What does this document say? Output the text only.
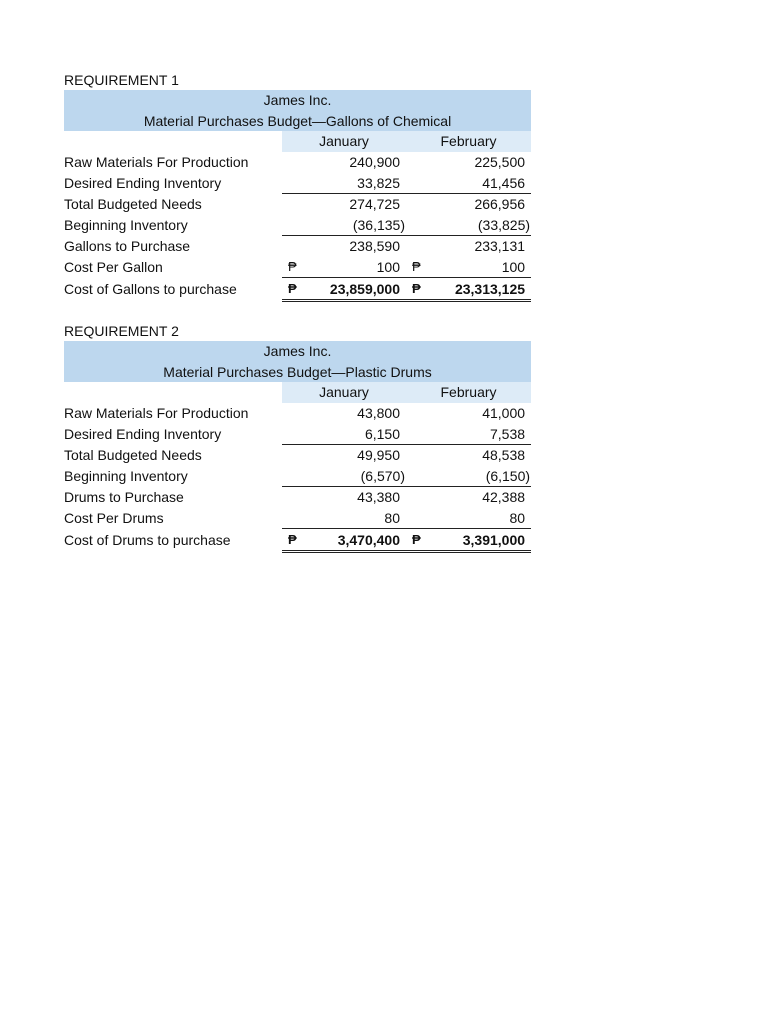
REQUIREMENT 1
James Inc.				
Material Purchases Budget—Gallons of Chemical				
	January		February	
Raw Materials For Production		240,900		225,500
Desired Ending Inventory		33,825		41,456
Total Budgeted Needs		274,725		266,956
Beginning Inventory		(36,135)		(33,825)
Gallons to Purchase		238,590		233,131
Cost Per Gallon	₱	100	₱	100
Cost of Gallons to purchase	₱	23,859,000	₱	23,313,125
REQUIREMENT 2
James Inc.				
Material Purchases Budget—Plastic Drums				
	January		February	
Raw Materials For Production		43,800		41,000
Desired Ending Inventory		6,150		7,538
Total Budgeted Needs		49,950		48,538
Beginning Inventory		(6,570)		(6,150)
Drums to Purchase		43,380		42,388
Cost Per Drums		80		80
Cost of Drums to purchase	₱	3,470,400	₱	3,391,000
